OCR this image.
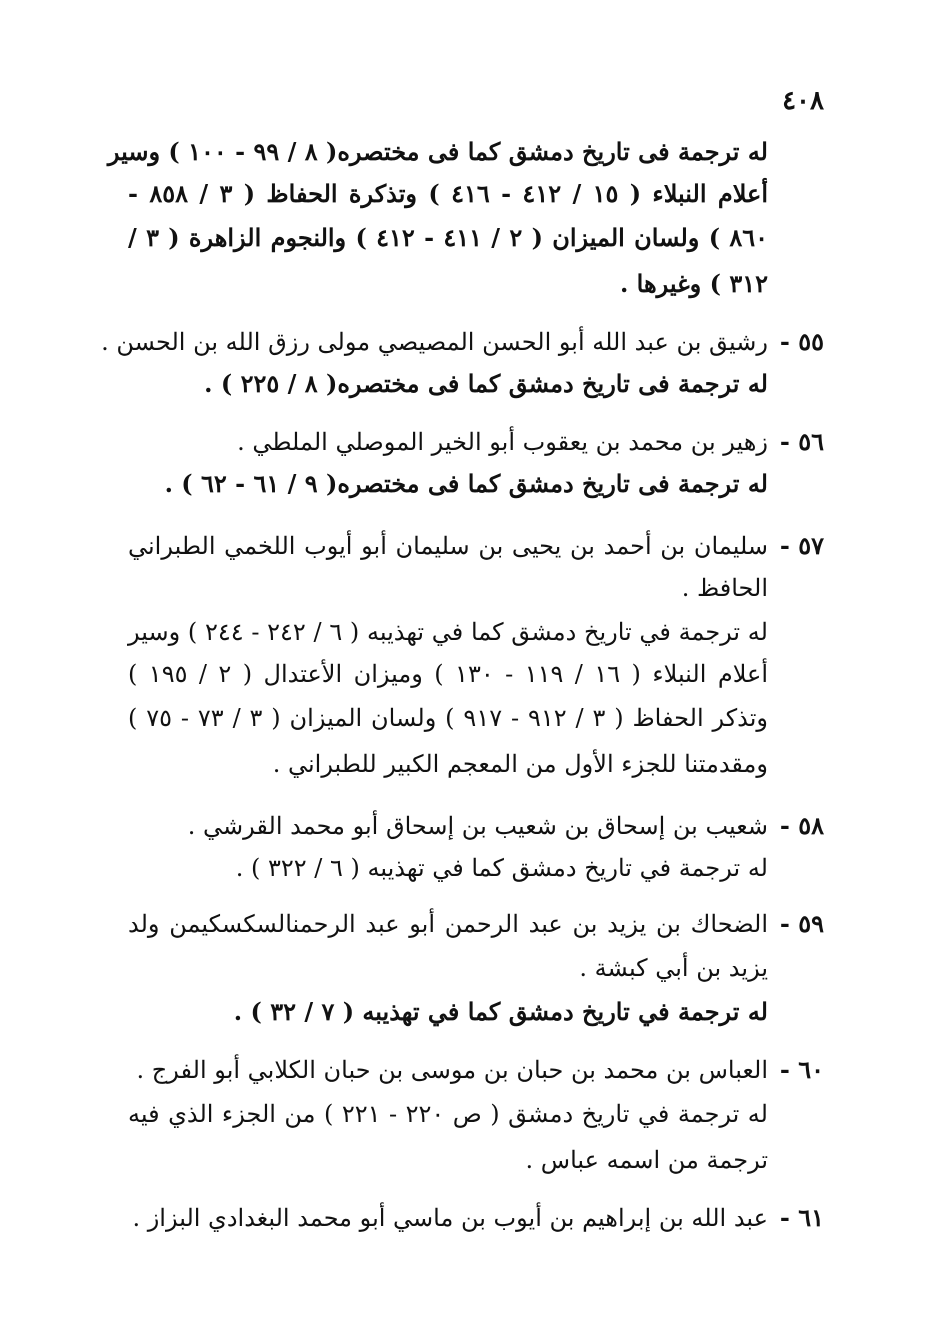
٤٠٨
له ترجمة فى تاريخ دمشق كما فى مختصره( ٨ / ٩٩ - ١٠٠ ) وسير
أعلام النبلاء ( ١٥ / ٤١٢ - ٤١٦ ) وتذكرة الحفاظ ( ٣ / ٨٥٨ -
٨٦٠ ) ولسان الميزان ( ٢ / ٤١١ - ٤١٢ ) والنجوم الزاهرة ( ٣ /
٣١٢ ) وغيرها .
٥٥ -
رشيق بن عبد الله أبو الحسن المصيصي مولى رزق الله بن الحسن .
له ترجمة فى تاريخ دمشق كما فى مختصره( ٨ / ٢٢٥ ) .
٥٦ -
زهير بن محمد بن يعقوب أبو الخير الموصلي الملطي .
له ترجمة فى تاريخ دمشق كما فى مختصره( ٩ / ٦١ - ٦٢ ) .
٥٧ -
سليمان بن أحمد بن يحيى بن سليمان أبو أيوب اللخمي الطبراني
الحافظ .
له ترجمة في تاريخ دمشق كما في تهذيبه ( ٦ / ٢٤٢ - ٢٤٤ ) وسير
أعلام النبلاء ( ١٦ / ١١٩ - ١٣٠ ) وميزان الأعتدال ( ٢ / ١٩٥ )
وتذكر الحفاظ ( ٣ / ٩١٢ - ٩١٧ ) ولسان الميزان ( ٣ / ٧٣ - ٧٥ )
ومقدمتنا للجزء الأول من المعجم الكبير للطبراني .
٥٨ -
شعيب بن إسحاق بن شعيب بن إسحاق أبو محمد القرشي .
له ترجمة في تاريخ دمشق كما في تهذيبه ( ٦ / ٣٢٢ ) .
٥٩ -
الضحاك بن يزيد بن عبد الرحمن أبو عبد الرحمنالسكسكيمن ولد
يزيد بن أبي كبشة .
له ترجمة في تاريخ دمشق كما في تهذيبه ( ٧ / ٣٢ ) .
٦٠ -
العباس بن محمد بن حبان بن موسى بن حبان الكلابي أبو الفرج .
له ترجمة في تاريخ دمشق ( ص ٢٢٠ - ٢٢١ ) من الجزء الذي فيه
ترجمة من اسمه عباس .
٦١ -
عبد الله بن إبراهيم بن أيوب بن ماسي أبو محمد البغدادي البزاز .
